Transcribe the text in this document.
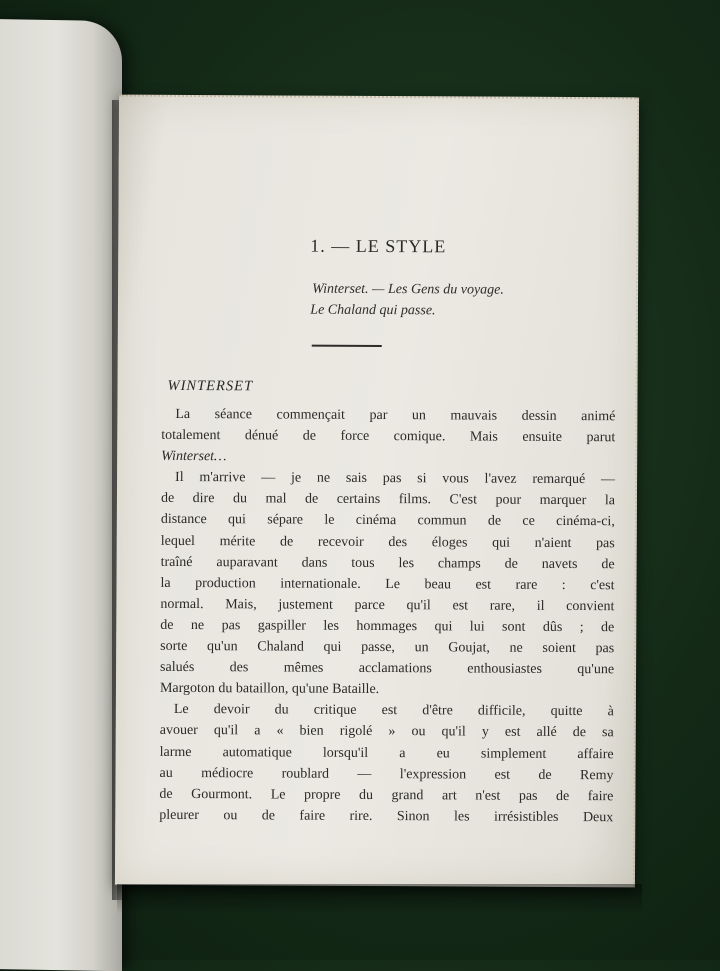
1. — LE STYLE
Winterset. — Les Gens du voyage.
Le Chaland qui passe.
WINTERSET
La séance commençait par un mauvais dessin animé
totalement dénué de force comique. Mais ensuite parut
Winterset…
Il m'arrive — je ne sais pas si vous l'avez remarqué —
de dire du mal de certains films. C'est pour marquer la
distance qui sépare le cinéma commun de ce cinéma-ci,
lequel mérite de recevoir des éloges qui n'aient pas
traîné auparavant dans tous les champs de navets de
la production internationale. Le beau est rare : c'est
normal. Mais, justement parce qu'il est rare, il convient
de ne pas gaspiller les hommages qui lui sont dûs ; de
sorte qu'un Chaland qui passe, un Goujat, ne soient pas
salués des mêmes acclamations enthousiastes qu'une
Margoton du bataillon, qu'une Bataille.
Le devoir du critique est d'être difficile, quitte à
avouer qu'il a « bien rigolé » ou qu'il y est allé de sa
larme automatique lorsqu'il a eu simplement affaire
au médiocre roublard — l'expression est de Remy
de Gourmont. Le propre du grand art n'est pas de faire
pleurer ou de faire rire. Sinon les irrésistibles Deux
